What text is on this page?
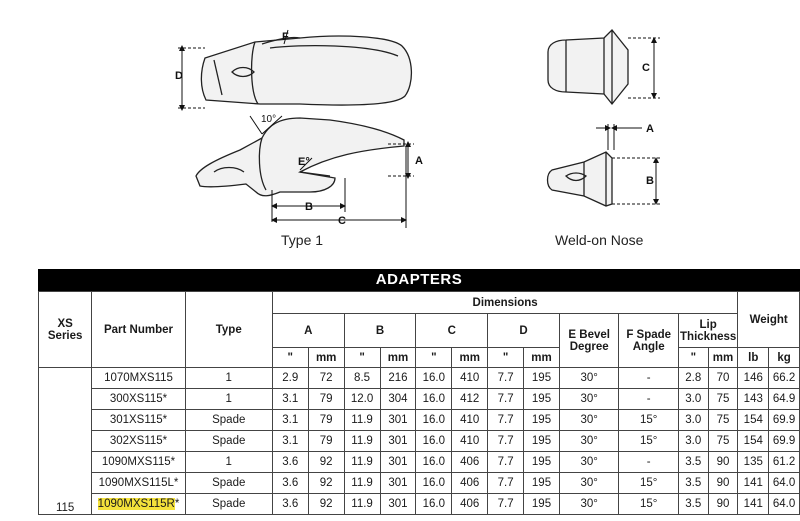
F
D
10°
E°	A
B
C
C
A
B
Type 1	Weld-on Nose
ADAPTERS
XS Series	Part Number	Type	Dimensions												Weight	
			A		B		C		D		E Bevel Degree	F Spade Angle	Lip Thickness			
			"	mm	"	mm	"	mm	"	mm			"	mm	lb	kg
115	1070MXS115	1	2.9	72	8.5	216	16.0	410	7.7	195	30°	-	2.8	70	146	66.2
	300XS115*	1	3.1	79	12.0	304	16.0	412	7.7	195	30°	-	3.0	75	143	64.9
	301XS115*	Spade	3.1	79	11.9	301	16.0	410	7.7	195	30°	15°	3.0	75	154	69.9
	302XS115*	Spade	3.1	79	11.9	301	16.0	410	7.7	195	30°	15°	3.0	75	154	69.9
	1090MXS115*	1	3.6	92	11.9	301	16.0	406	7.7	195	30°	-	3.5	90	135	61.2
	1090MXS115L*	Spade	3.6	92	11.9	301	16.0	406	7.7	195	30°	15°	3.5	90	141	64.0
	1090MXS115R*	Spade	3.6	92	11.9	301	16.0	406	7.7	195	30°	15°	3.5	90	141	64.0
